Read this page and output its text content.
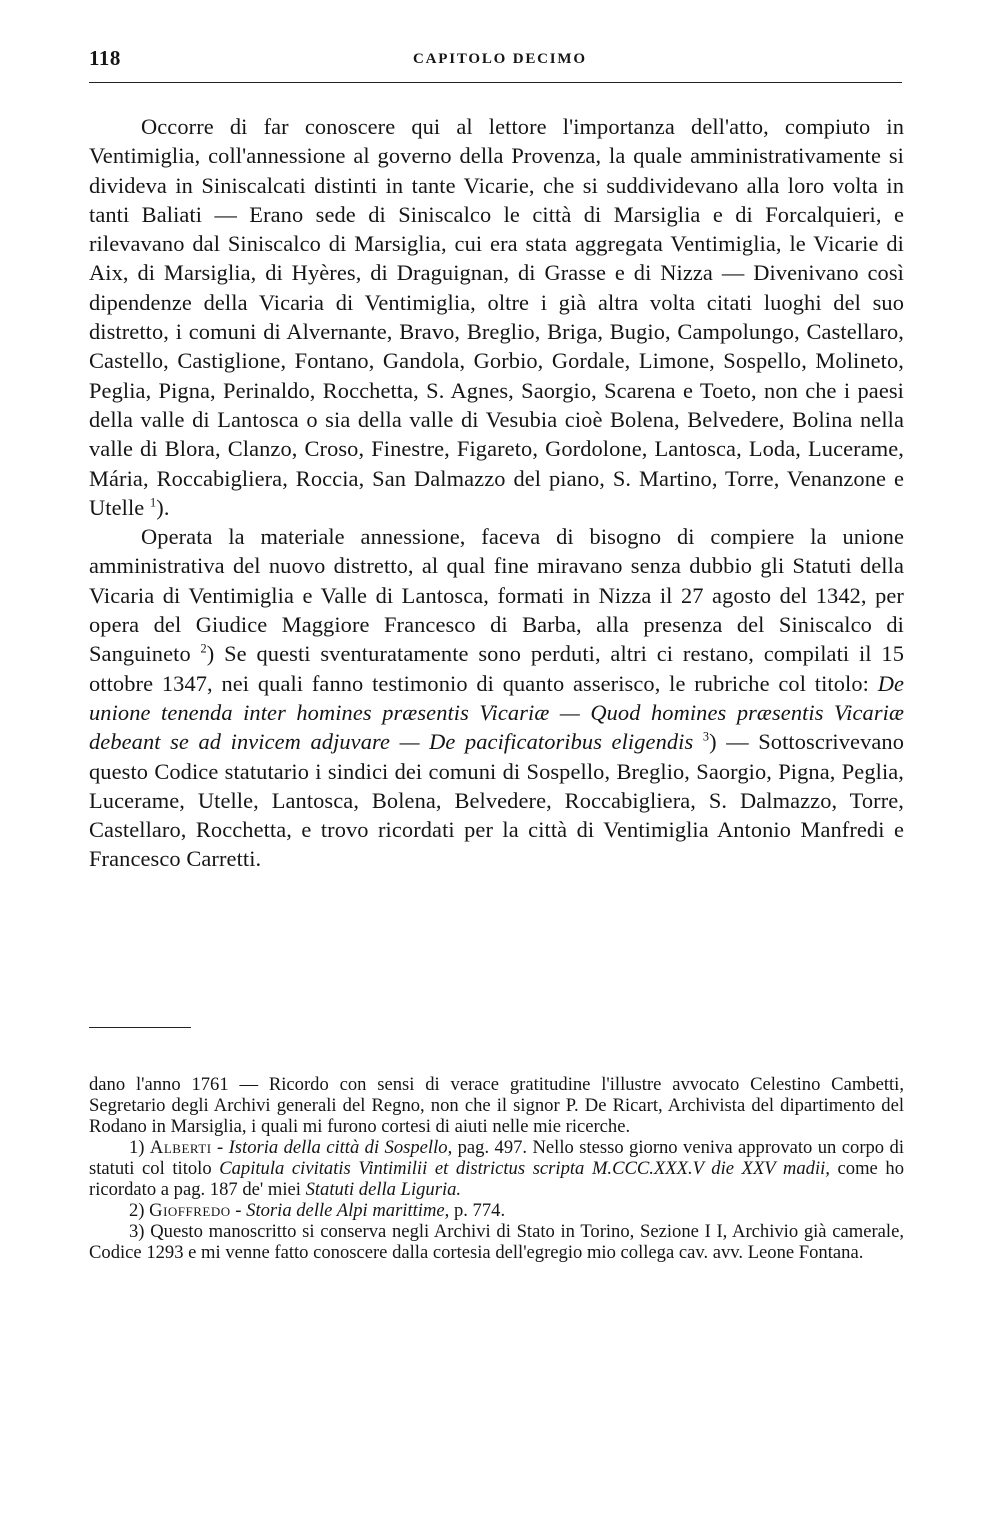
118	CAPITOLO DECIMO

Occorre di far conoscere qui al lettore l'importanza dell'atto, compiuto in Ventimiglia, coll'annessione al governo della Provenza, la quale amministrativamente si divideva in Siniscalcati distinti in tante Vicarie, che si suddividevano alla loro volta in tanti Baliati — Erano sede di Siniscalco le città di Marsiglia e di Forcalquieri, e rilevavano dal Siniscalco di Marsiglia, cui era stata aggregata Ventimiglia, le Vicarie di Aix, di Marsiglia, di Hyères, di Draguignan, di Grasse e di Nizza — Divenivano così dipendenze della Vicaria di Ventimiglia, oltre i già altra volta citati luoghi del suo distretto, i comuni di Alvernante, Bravo, Breglio, Briga, Bugio, Campolungo, Castellaro, Castello, Castiglione, Fontano, Gandola, Gorbio, Gordale, Limone, Sospello, Molineto, Peglia, Pigna, Perinaldo, Rocchetta, S. Agnes, Saorgio, Scarena e Toeto, non che i paesi della valle di Lantosca o sia della valle di Vesubia cioè Bolena, Belvedere, Bolina nella valle di Blora, Clanzo, Croso, Finestre, Figareto, Gordolone, Lantosca, Loda, Lucerame, Mária, Roccabigliera, Roccia, San Dalmazzo del piano, S. Martino, Torre, Venanzone e Utelle $^1$).

Operata la materiale annessione, faceva di bisogno di compiere la unione amministrativa del nuovo distretto, al qual fine miravano senza dubbio gli Statuti della Vicaria di Ventimiglia e Valle di Lantosca, formati in Nizza il 27 agosto del 1342, per opera del Giudice Maggiore Francesco di Barba, alla presenza del Siniscalco di Sanguineto $^2$) Se questi sventuratamente sono perduti, altri ci restano, compilati il 15 ottobre 1347, nei quali fanno testimonio di quanto asserisco, le rubriche col titolo: De unione tenenda inter homines præsentis Vicariæ — Quod homines præsentis Vicariæ debeant se ad invicem adjuvare — De pacificatoribus eligendis $^3$) — Sottoscrivevano questo Codice statutario i sindici dei comuni di Sospello, Breglio, Saorgio, Pigna, Peglia, Lucerame, Utelle, Lantosca, Bolena, Belvedere, Roccabigliera, S. Dalmazzo, Torre, Castellaro, Rocchetta, e trovo ricordati per la città di Ventimiglia Antonio Manfredi e Francesco Carretti.

dano l'anno 1761 — Ricordo con sensi di verace gratitudine l'illustre avvocato Celestino Cambetti, Segretario degli Archivi generali del Regno, non che il signor P. De Ricart, Archivista del dipartimento del Rodano in Marsiglia, i quali mi furono cortesi di aiuti nelle mie ricerche.

1) Alberti - Istoria della città di Sospello, pag. 497. Nello stesso giorno veniva approvato un corpo di statuti col titolo Capitula civitatis Vintimilii et districtus scripta M.CCC.XXX.V die XXV madii, come ho ricordato a pag. 187 de' miei Statuti della Liguria.

2) Gioffredo - Storia delle Alpi marittime, p. 774.

3) Questo manoscritto si conserva negli Archivi di Stato in Torino, Sezione I I, Archivio già camerale, Codice 1293 e mi venne fatto conoscere dalla cortesia dell'egregio mio collega cav. avv. Leone Fontana.
